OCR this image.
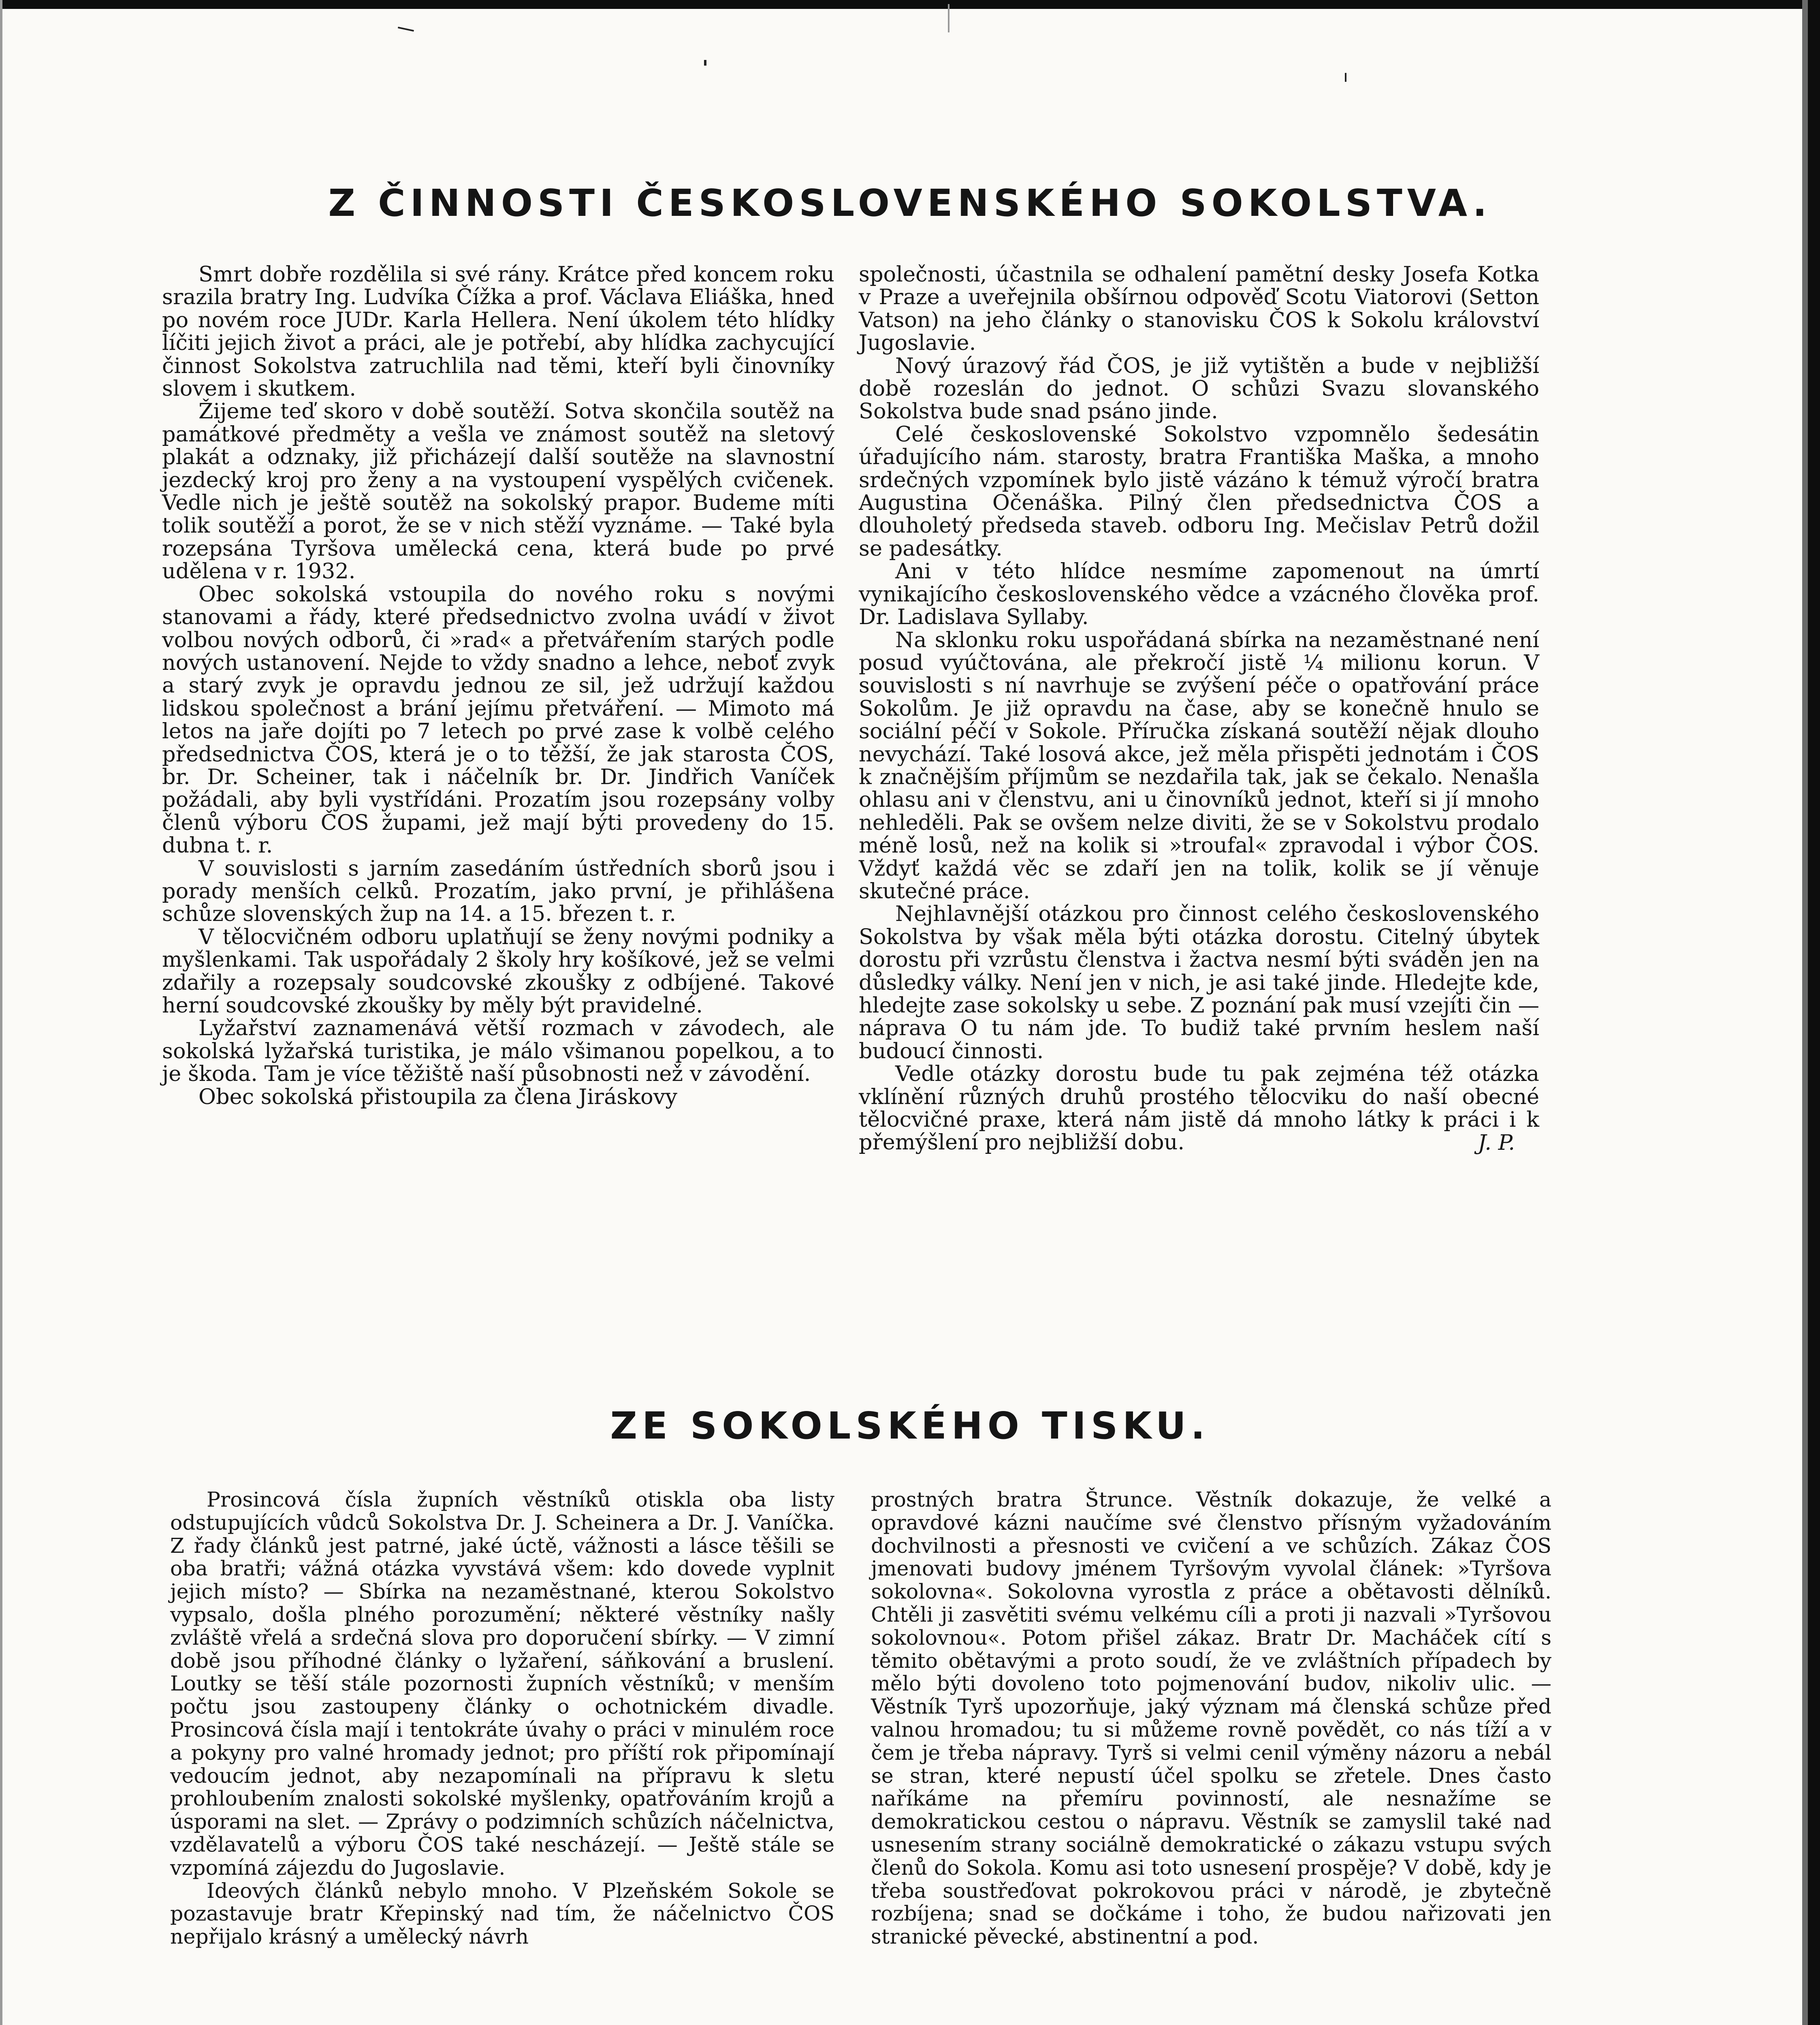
Z ČINNOSTI ČESKOSLOVENSKÉHO SOKOLSTVA.

Smrt dobře rozdělila si své rány. Krátce před koncem roku srazila bratry Ing. Ludvíka Čížka a prof. Václava Eliáška, hned po novém roce JUDr. Karla Hellera. Není úkolem této hlídky líčiti jejich život a práci, ale je potřebí, aby hlídka zachycující činnost Sokolstva zatruchlila nad těmi, kteří byli činovníky slovem i skutkem.

Žijeme teď skoro v době soutěží. Sotva skončila soutěž na památkové předměty a vešla ve známost soutěž na sletový plakát a odznaky, již přicházejí další soutěže na slavnostní jezdecký kroj pro ženy a na vystoupení vyspělých cvičenek. Vedle nich je ještě soutěž na sokolský prapor. Budeme míti tolik soutěží a porot, že se v nich stěží vyznáme. — Také byla rozepsána Tyršova umělecká cena, která bude po prvé udělena v r. 1932.

Obec sokolská vstoupila do nového roku s novými stanovami a řády, které předsednictvo zvolna uvádí v život volbou nových odborů, či »rad« a přetvářením starých podle nových ustanovení. Nejde to vždy snadno a lehce, neboť zvyk a starý zvyk je opravdu jednou ze sil, jež udržují každou lidskou společnost a brání jejímu přetváření. — Mimoto má letos na jaře dojíti po 7 letech po prvé zase k volbě celého předsednictva ČOS, která je o to těžší, že jak starosta ČOS, br. Dr. Scheiner, tak i náčelník br. Dr. Jindřich Vaníček požádali, aby byli vystřídáni. Prozatím jsou rozepsány volby členů výboru ČOS župami, jež mají býti provedeny do 15. dubna t. r.

V souvislosti s jarním zasedáním ústředních sborů jsou i porady menších celků. Prozatím, jako první, je přihlášena schůze slovenských žup na 14. a 15. březen t. r.

V tělocvičném odboru uplatňují se ženy novými podniky a myšlenkami. Tak uspořádaly 2 školy hry košíkové, jež se velmi zdařily a rozepsaly soudcovské zkoušky z odbíjené. Takové herní soudcovské zkoušky by měly být pravidelné.

Lyžařství zaznamenává větší rozmach v závodech, ale sokolská lyžařská turistika, je málo všimanou popelkou, a to je škoda. Tam je více těžiště naší působnosti než v závodění.

Obec sokolská přistoupila za člena Jiráskovy

společnosti, účastnila se odhalení pamětní desky Josefa Kotka v Praze a uveřejnila obšírnou odpověď Scotu Viatorovi (Setton Vatson) na jeho články o stanovisku ČOS k Sokolu království Jugoslavie.

Nový úrazový řád ČOS, je již vytištěn a bude v nejbližší době rozeslán do jednot. O schůzi Svazu slovanského Sokolstva bude snad psáno jinde.

Celé československé Sokolstvo vzpomnělo šedesátin úřadujícího nám. starosty, bratra Františka Maška, a mnoho srdečných vzpomínek bylo jistě vázáno k témuž výročí bratra Augustina Očenáška. Pilný člen předsednictva ČOS a dlouholetý předseda staveb. odboru Ing. Mečislav Petrů dožil se padesátky.

Ani v této hlídce nesmíme zapomenout na úmrtí vynikajícího československého vědce a vzácného člověka prof. Dr. Ladislava Syllaby.

Na sklonku roku uspořádaná sbírka na nezaměstnané není posud vyúčtována, ale překročí jistě ¼ milionu korun. V souvislosti s ní navrhuje se zvýšení péče o opatřování práce Sokolům. Je již opravdu na čase, aby se konečně hnulo se sociální péčí v Sokole. Příručka získaná soutěží nějak dlouho nevychází. Také losová akce, jež měla přispěti jednotám i ČOS k značnějším příjmům se nezdařila tak, jak se čekalo. Nenašla ohlasu ani v členstvu, ani u činovníků jednot, kteří si jí mnoho nehleděli. Pak se ovšem nelze diviti, že se v Sokolstvu prodalo méně losů, než na kolik si »troufal« zpravodal i výbor ČOS. Vždyť každá věc se zdaří jen na tolik, kolik se jí věnuje skutečné práce.

Nejhlavnější otázkou pro činnost celého československého Sokolstva by však měla býti otázka dorostu. Citelný úbytek dorostu při vzrůstu členstva i žactva nesmí býti sváděn jen na důsledky války. Není jen v nich, je asi také jinde. Hledejte kde, hledejte zase sokolsky u sebe. Z poznání pak musí vzejíti čin — náprava O tu nám jde. To budiž také prvním heslem naší budoucí činnosti.

Vedle otázky dorostu bude tu pak zejména též otázka vklínění různých druhů prostého tělocviku do naší obecné tělocvičné praxe, která nám jistě dá mnoho látky k práci i k přemýšlení pro nejbližší dobu.	J. P.
ZE SOKOLSKÉHO TISKU.

Prosincová čísla župních věstníků otiskla oba listy odstupujících vůdců Sokolstva Dr. J. Scheinera a Dr. J. Vaníčka. Z řady článků jest patrné, jaké úctě, vážnosti a lásce těšili se oba bratři; vážná otázka vyvstává všem: kdo dovede vyplnit jejich místo? — Sbírka na nezaměstnané, kterou Sokolstvo vypsalo, došla plného porozumění; některé věstníky našly zvláště vřelá a srdečná slova pro doporučení sbírky. — V zimní době jsou příhodné články o lyžaření, sáňkování a bruslení. Loutky se těší stále pozornosti župních věstníků; v menším počtu jsou zastoupeny články o ochotnickém divadle. Prosincová čísla mají i tentokráte úvahy o práci v minulém roce a pokyny pro valné hromady jednot; pro příští rok připomínají vedoucím jednot, aby nezapomínali na přípravu k sletu prohloubením znalosti sokolské myšlenky, opatřováním krojů a úsporami na slet. — Zprávy o podzimních schůzích náčelnictva, vzdělavatelů a výboru ČOS také nescházejí. — Ještě stále se vzpomíná zájezdu do Jugoslavie.

Ideových článků nebylo mnoho. V Plzeňském Sokole se pozastavuje bratr Křepinský nad tím, že náčelnictvo ČOS nepřijalo krásný a umělecký návrh

prostných bratra Štrunce. Věstník dokazuje, že velké a opravdové kázni naučíme své členstvo přísným vyžadováním dochvilnosti a přesnosti ve cvičení a ve schůzích. Zákaz ČOS jmenovati budovy jménem Tyršovým vyvolal článek: »Tyršova sokolovna«. Sokolovna vyrostla z práce a obětavosti dělníků. Chtěli ji zasvětiti svému velkému cíli a proti ji nazvali »Tyršovou sokolovnou«. Potom přišel zákaz. Bratr Dr. Macháček cítí s těmito obětavými a proto soudí, že ve zvláštních případech by mělo býti dovoleno toto pojmenování budov, nikoliv ulic. — Věstník Tyrš upozorňuje, jaký význam má členská schůze před valnou hromadou; tu si můžeme rovně povědět, co nás tíží a v čem je třeba nápravy. Tyrš si velmi cenil výměny názoru a nebál se stran, které nepustí účel spolku se zřetele. Dnes často naříkáme na přemíru povinností, ale nesnažíme se demokratickou cestou o nápravu. Věstník se zamyslil také nad usnesením strany sociálně demokratické o zákazu vstupu svých členů do Sokola. Komu asi toto usnesení prospěje? V době, kdy je třeba soustřeďovat pokrokovou práci v národě, je zbytečně rozbíjena; snad se dočkáme i toho, že budou nařizovati jen stranické pěvecké, abstinentní a pod.
